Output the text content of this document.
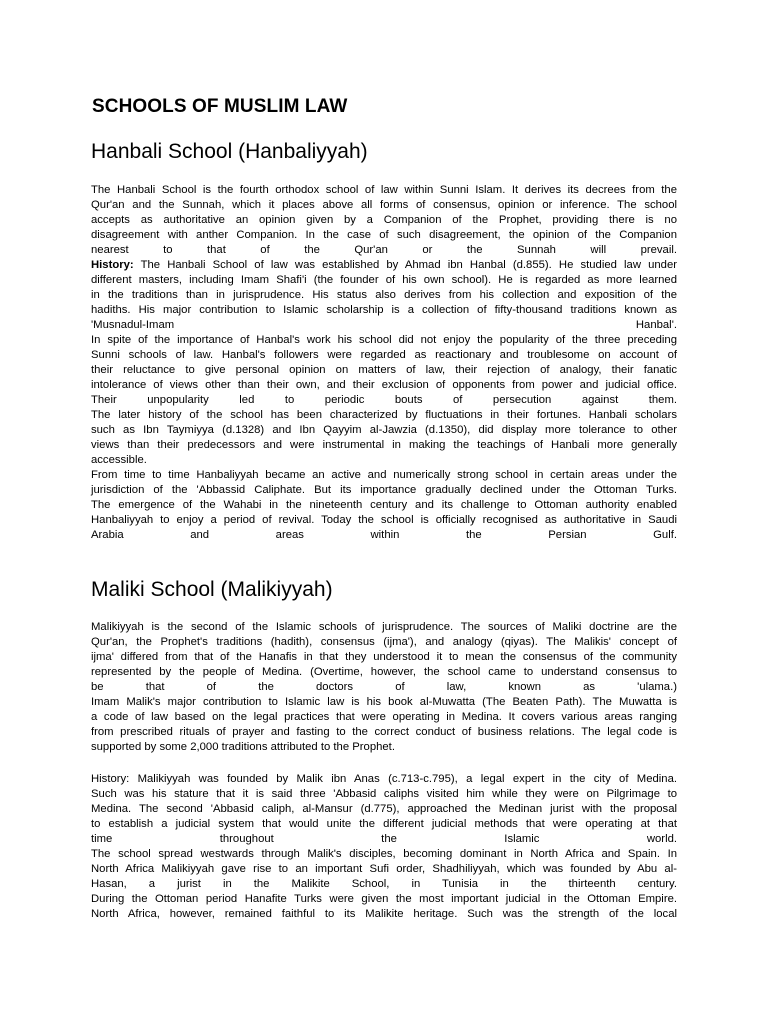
SCHOOLS OF MUSLIM LAW
Hanbali School (Hanbaliyyah)
The Hanbali School is the fourth orthodox school of law within Sunni Islam. It derives its decrees from the
Qur'an and the Sunnah, which it places above all forms of consensus, opinion or inference. The school
accepts as authoritative an opinion given by a Companion of the Prophet, providing there is no
disagreement with anther Companion. In the case of such disagreement, the opinion of the Companion
nearest to that of the Qur'an or the Sunnah will prevail.
History: The Hanbali School of law was established by Ahmad ibn Hanbal (d.855). He studied law under
different masters, including Imam Shafi'i (the founder of his own school). He is regarded as more learned
in the traditions than in jurisprudence. His status also derives from his collection and exposition of the
hadiths. His major contribution to Islamic scholarship is a collection of fifty-thousand traditions known as
'Musnadul-Imam Hanbal'.
In spite of the importance of Hanbal's work his school did not enjoy the popularity of the three preceding
Sunni schools of law. Hanbal's followers were regarded as reactionary and troublesome on account of
their reluctance to give personal opinion on matters of law, their rejection of analogy, their fanatic
intolerance of views other than their own, and their exclusion of opponents from power and judicial office.
Their unpopularity led to periodic bouts of persecution against them.
The later history of the school has been characterized by fluctuations in their fortunes. Hanbali scholars
such as Ibn Taymiyya (d.1328) and Ibn Qayyim al-Jawzia (d.1350), did display more tolerance to other
views than their predecessors and were instrumental in making the teachings of Hanbali more generally
accessible.
From time to time Hanbaliyyah became an active and numerically strong school in certain areas under the
jurisdiction of the 'Abbassid Caliphate. But its importance gradually declined under the Ottoman Turks.
The emergence of the Wahabi in the nineteenth century and its challenge to Ottoman authority enabled
Hanbaliyyah to enjoy a period of revival. Today the school is officially recognised as authoritative in Saudi
Arabia and areas within the Persian Gulf.
Maliki School (Malikiyyah)
Malikiyyah is the second of the Islamic schools of jurisprudence. The sources of Maliki doctrine are the
Qur'an, the Prophet's traditions (hadith), consensus (ijma'), and analogy (qiyas). The Malikis' concept of
ijma' differed from that of the Hanafis in that they understood it to mean the consensus of the community
represented by the people of Medina. (Overtime, however, the school came to understand consensus to
be that of the doctors of law, known as 'ulama.)
Imam Malik's major contribution to Islamic law is his book al-Muwatta (The Beaten Path). The Muwatta is
a code of law based on the legal practices that were operating in Medina. It covers various areas ranging
from prescribed rituals of prayer and fasting to the correct conduct of business relations. The legal code is
supported by some 2,000 traditions attributed to the Prophet.
History: Malikiyyah was founded by Malik ibn Anas (c.713-c.795), a legal expert in the city of Medina.
Such was his stature that it is said three 'Abbasid caliphs visited him while they were on Pilgrimage to
Medina. The second 'Abbasid caliph, al-Mansur (d.775), approached the Medinan jurist with the proposal
to establish a judicial system that would unite the different judicial methods that were operating at that
time throughout the Islamic world.
The school spread westwards through Malik's disciples, becoming dominant in North Africa and Spain. In
North Africa Malikiyyah gave rise to an important Sufi order, Shadhiliyyah, which was founded by Abu al-
Hasan, a jurist in the Malikite School, in Tunisia in the thirteenth century.
During the Ottoman period Hanafite Turks were given the most important judicial in the Ottoman Empire.
North Africa, however, remained faithful to its Malikite heritage. Such was the strength of the local
